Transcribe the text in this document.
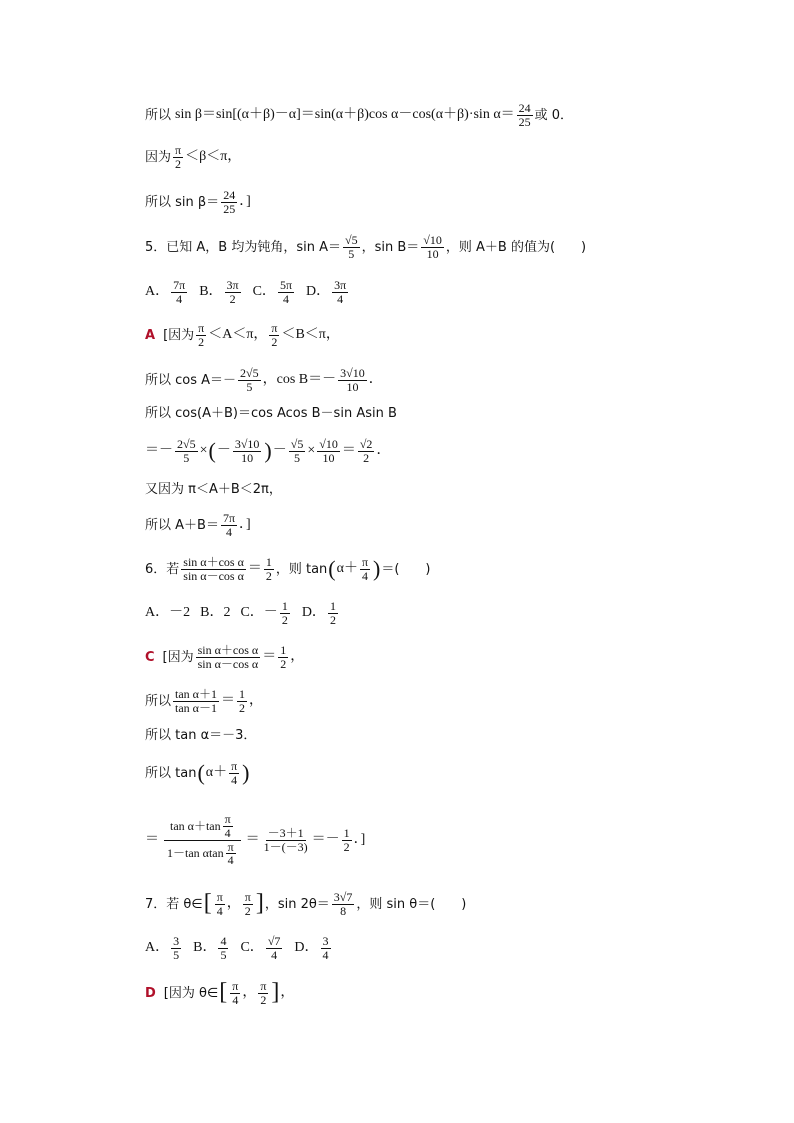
所以 sin β＝sin[(α＋β)－α]＝sin(α＋β)cos α－cos(α＋β)·sin $\alpha= \frac{24}{25}$ 或 0．
因为 $\frac{\pi}{2} <\beta<\pi$，
所以 $\sin \beta= \frac{24}{25}$ ．]
5．已知 A，B 均为钝角，$\sin A= \frac{√5}{5}$ ，$\sin B= \frac{√10}{10}$ ，则 A＋B 的值为(　　)
A． $\frac{7\pi}{4}$ B． $\frac{3\pi}{2}$ C． $\frac{5\pi}{4}$ D． $\frac{3\pi}{4}$
A [因为 $\frac{\pi}{2} <A<\pi$， $\frac{\pi}{2} <B<\pi$，
所以 $\cos A=- \frac{2√5}{5}$ ，$\cos B=- \frac{3√10}{10}$ ．
所以 cos(A＋B)＝cos Acos B－sin Asin B
＝－ $\frac{2√5}{5}$ × ( － $\frac{3√10}{10}$ ) － $\frac{√5}{5} \times \frac{√10}{10} = \frac{√2}{2}$ ．
又因为 π＜A＋B＜2π，
所以 $A+B= \frac{7\pi}{4}$ ．]
6．若 $\frac{\text{sin α＋cos α}}{\text{sin α－cos α}} = \frac{1}{2}$ ，则 tan ( $\alpha+ \frac{\pi}{4}$ ) ＝(　　)
A．－2 B．2 C．－ $\frac{1}{2}$ D． $\frac{1}{2}$
C [因为 $\frac{\text{sin α＋cos α}}{\text{sin α－cos α}} = \frac{1}{2}$ ，
所以 $\frac{\text{tan α＋1}}{\text{tan α－1}} = \frac{1}{2}$ ，
所以 tan α＝－3．
所以 tan ( $\alpha+ \frac{\pi}{4}$ )
＝ $\frac{\tan \alpha+\tan \frac{\pi}{4}}{1-\tan \alpha\tan \frac{\pi}{4}} = \frac{-3+1}{1-(-3)} =- \frac{1}{2}$ ．]
7．若 θ∈ [ $\frac{\pi}{4}$ ， $\frac{\pi}{2}$ ] ，$\sin 2\theta= \frac{3√7}{8}$ ，则 sin θ＝(　　)
A． $\frac{3}{5}$ B． $\frac{4}{5}$ C． $\frac{√7}{4}$ D． $\frac{3}{4}$
D [因为 θ∈ [ $\frac{\pi}{4}$ ， $\frac{\pi}{2}$ ] ，
